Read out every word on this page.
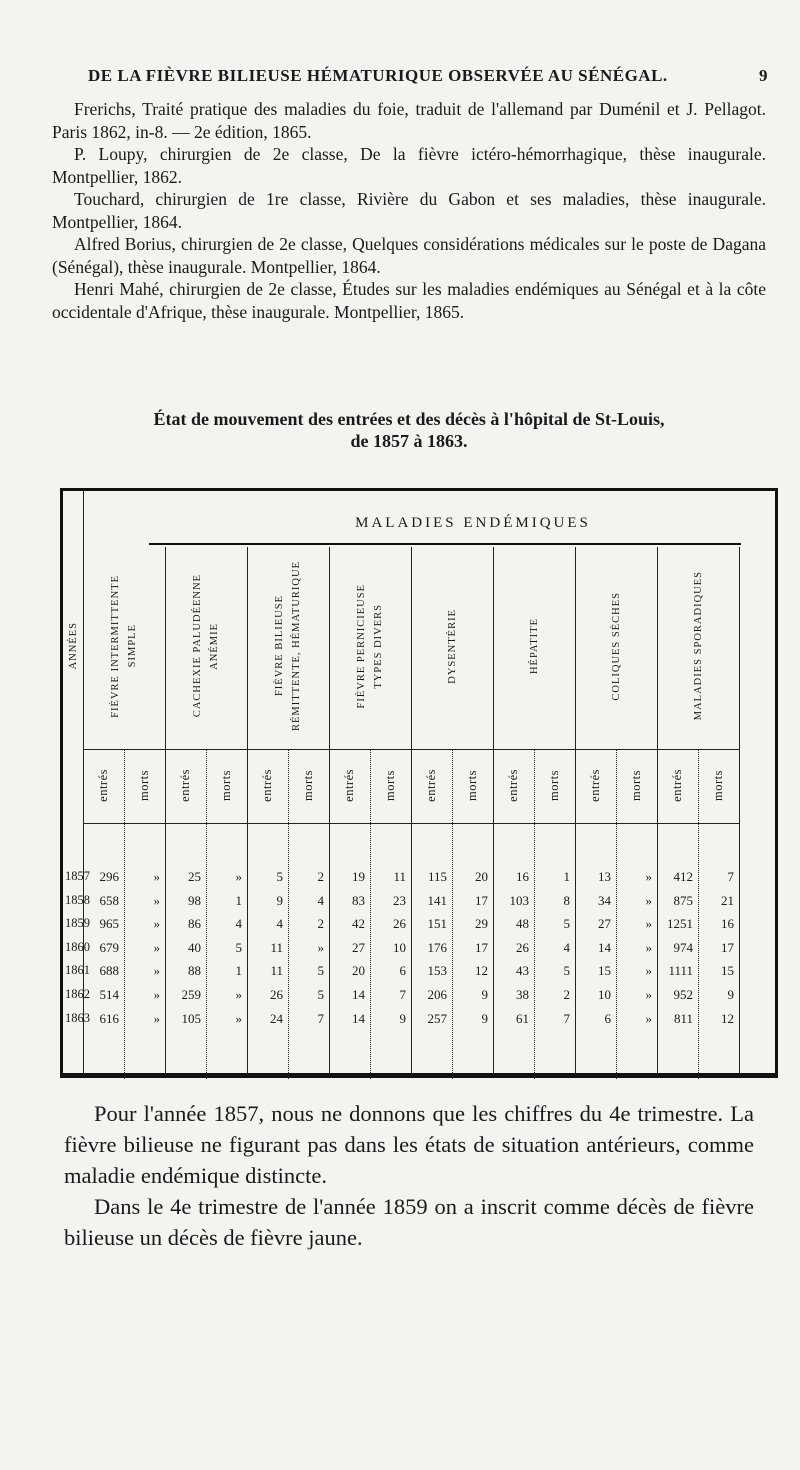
DE LA FIÈVRE BILIEUSE HÉMATURIQUE OBSERVÉE AU SÉNÉGAL.	9

Frerichs, Traité pratique des maladies du foie, traduit de l'allemand par Duménil et J. Pellagot. Paris 1862, in-8. — 2e édition, 1865.

P. Loupy, chirurgien de 2e classe, De la fièvre ictéro-hémorrhagique, thèse inaugurale. Montpellier, 1862.

Touchard, chirurgien de 1re classe, Rivière du Gabon et ses maladies, thèse inaugurale. Montpellier, 1864.

Alfred Borius, chirurgien de 2e classe, Quelques considérations médicales sur le poste de Dagana (Sénégal), thèse inaugurale. Montpellier, 1864.

Henri Mahé, chirurgien de 2e classe, Études sur les maladies endémiques au Sénégal et à la côte occidentale d'Afrique, thèse inaugurale. Montpellier, 1865.

État de mouvement des entrées et des décès à l'hôpital de St-Louis,
de 1857 à 1863.
MALADIES ENDÉMIQUES
ANNÉES	FIÈVRE INTERMITTENTE SIMPLE
entrés morts
CACHEXIE PALUDÉENNE ANÉMIE
entrés morts
FIÈVRE BILIEUSE RÉMITTENTE, HÉMATURIQUE
entrés morts
FIÈVRE PERNICIEUSE TYPES DIVERS
entrés morts
DYSENTÉRIE
entrés morts
HÉPATITE
entrés morts
COLIQUES SÈCHES
entrés morts
MALADIES SPORADIQUES
entrés morts
1857 296	»	25	»	5	2	19	11	115	20	16	1	13	»	412	7
1858 658	»	98	1	9	4	83	23	141	17	103	8	34	»	875	21
1859 965	»	86	4	4	2	42	26	151	29	48	5	27	»	1251	16
1860 679	»	40	5	11	»	27	10	176	17	26	4	14	»	974	17
1861 688	»	88	1	11	5	20	6	153	12	43	5	15	»	1111	15
1862 514	»	259	»	26	5	14	7	206	9	38	2	10	»	952	9
1863 616	»	105	»	24	7	14	9	257	9	61	7	6	»	811	12

Pour l'année 1857, nous ne donnons que les chiffres du 4e trimestre. La fièvre bilieuse ne figurant pas dans les états de situation antérieurs, comme maladie endémique distincte.

Dans le 4e trimestre de l'année 1859 on a inscrit comme décès de fièvre bilieuse un décès de fièvre jaune.
